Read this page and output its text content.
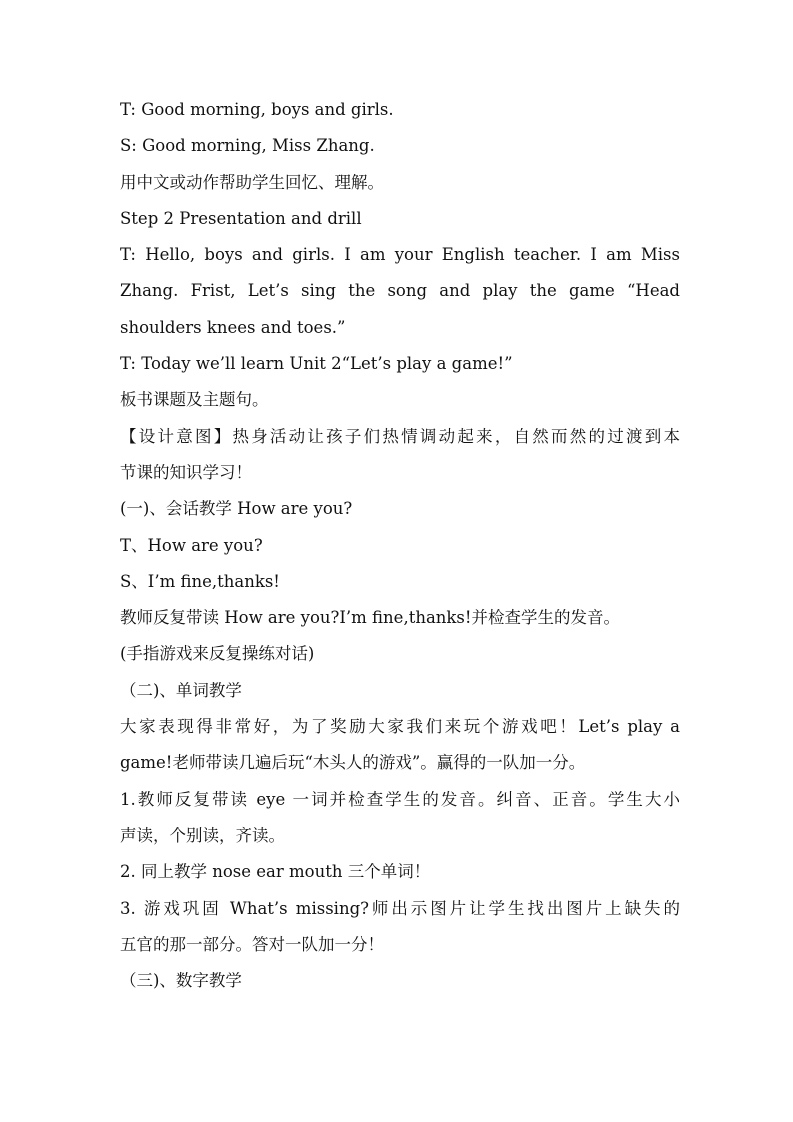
T: Good morning, boys and girls.
S: Good morning, Miss Zhang.
用中文或动作帮助学生回忆、理解。
Step 2 Presentation and drill
T: Hello, boys and girls. I am your English teacher. I am Miss
Zhang. Frist, Let’s sing the song and play the game “Head
shoulders knees and toes.”
T: Today we’ll learn Unit 2“Let’s play a game!”
板书课题及主题句。
【设计意图】热身活动让孩子们热情调动起来，自然而然的过渡到本
节课的知识学习！
(一)、会话教学 How are you?
T、How are you?
S、I’m fine,thanks!
教师反复带读 How are you?I’m fine,thanks!并检查学生的发音。
(手指游戏来反复操练对话)
（二)、单词教学
大家表现得非常好，为了奖励大家我们来玩个游戏吧！Let’s play a
game!老师带读几遍后玩“木头人的游戏”。赢得的一队加一分。
1.教师反复带读 eye 一词并检查学生的发音。纠音、正音。学生大小
声读，个别读，齐读。
2. 同上教学 nose ear mouth 三个单词！
3. 游戏巩固 What’s missing?师出示图片让学生找出图片上缺失的
五官的那一部分。答对一队加一分！
（三)、数字教学
